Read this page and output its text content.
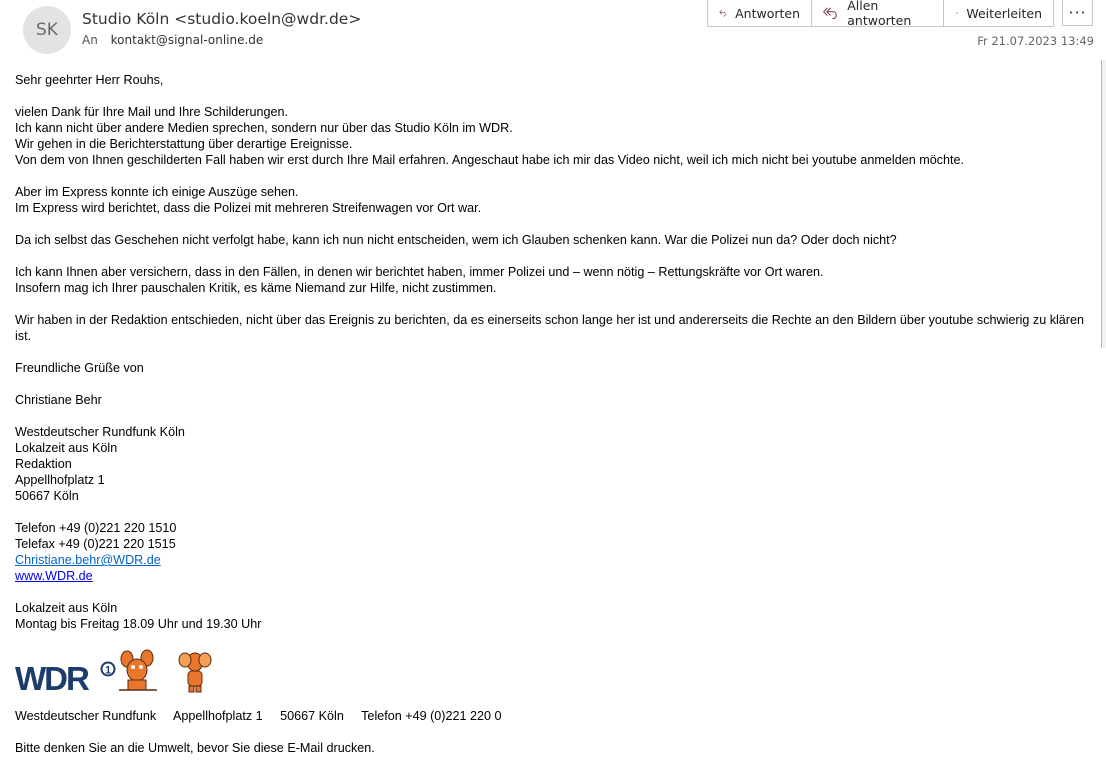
SK
Studio Köln <studio.koeln@wdr.de>
An kontakt@signal-online.de
Antworten	Allen antworten	Weiterleiten	···
Fr 21.07.2023 13:49

Sehr geehrter Herr Rouhs,

vielen Dank für Ihre Mail und Ihre Schilderungen.

Ich kann nicht über andere Medien sprechen, sondern nur über das Studio Köln im WDR.

Wir gehen in die Berichterstattung über derartige Ereignisse.

Von dem von Ihnen geschilderten Fall haben wir erst durch Ihre Mail erfahren. Angeschaut habe ich mir das Video nicht, weil ich mich nicht bei youtube anmelden möchte.

Aber im Express konnte ich einige Auszüge sehen.

Im Express wird berichtet, dass die Polizei mit mehreren Streifenwagen vor Ort war.

Da ich selbst das Geschehen nicht verfolgt habe, kann ich nun nicht entscheiden, wem ich Glauben schenken kann. War die Polizei nun da? Oder doch nicht?

Ich kann Ihnen aber versichern, dass in den Fällen, in denen wir berichtet haben, immer Polizei und – wenn nötig – Rettungskräfte vor Ort waren.

Insofern mag ich Ihrer pauschalen Kritik, es käme Niemand zur Hilfe, nicht zustimmen.

Wir haben in der Redaktion entschieden, nicht über das Ereignis zu berichten, da es einerseits schon lange her ist und andererseits die Rechte an den Bildern über youtube schwierig zu klären ist.

Freundliche Grüße von

Christiane Behr

Westdeutscher Rundfunk Köln

Lokalzeit aus Köln

Redaktion

Appellhofplatz 1

50667 Köln

Telefon +49 (0)221 220 1510

Telefax +49 (0)221 220 1515

Christiane.behr@WDR.de

www.WDR.de

Lokalzeit aus Köln

Montag bis Freitag 18.09 Uhr und 19.30 Uhr

WDR 1
Westdeutscher Rundfunk Appellhofplatz 1 50667 Köln Telefon +49 (0)221 220 0
Bitte denken Sie an die Umwelt, bevor Sie diese E-Mail drucken.
